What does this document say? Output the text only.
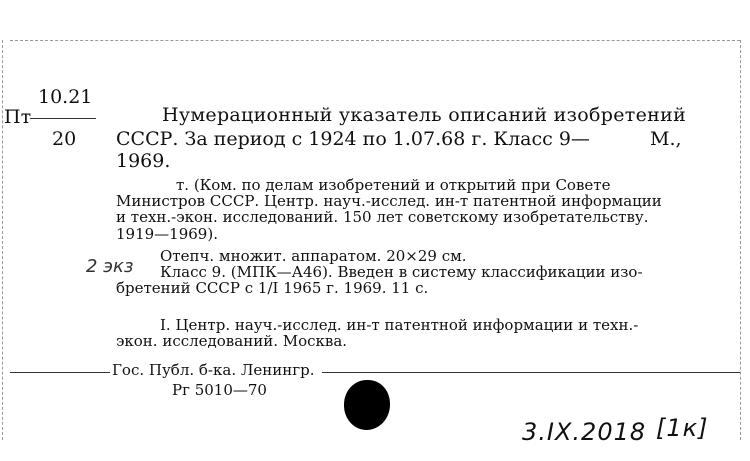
10.21
Пт
20
Нумерационный указатель описаний изобретений
СССР. За период с 1924 по 1.07.68 г. Класс 9—	М.,
1969.
т. (Ком. по делам изобретений и открытий при Совете
Министров СССР. Центр. науч.-исслед. ин-т патентной информации
и техн.-экон. исследований. 150 лет советскому изобретательству.
1919—1969).
Отепч. множит. аппаратом. 20×29 см.
2 экз Класс 9. (МПК—А46). Введен в систему классификации изо-
бретений СССР с 1/I 1965 г. 1969. 11 с.
I. Центр. науч.-исслед. ин-т патентной информации и техн.-
экон. исследований. Москва.
Гос. Публ. б-ка. Ленингр.
Рг 5010—70
3.IX.2018 [1к]
